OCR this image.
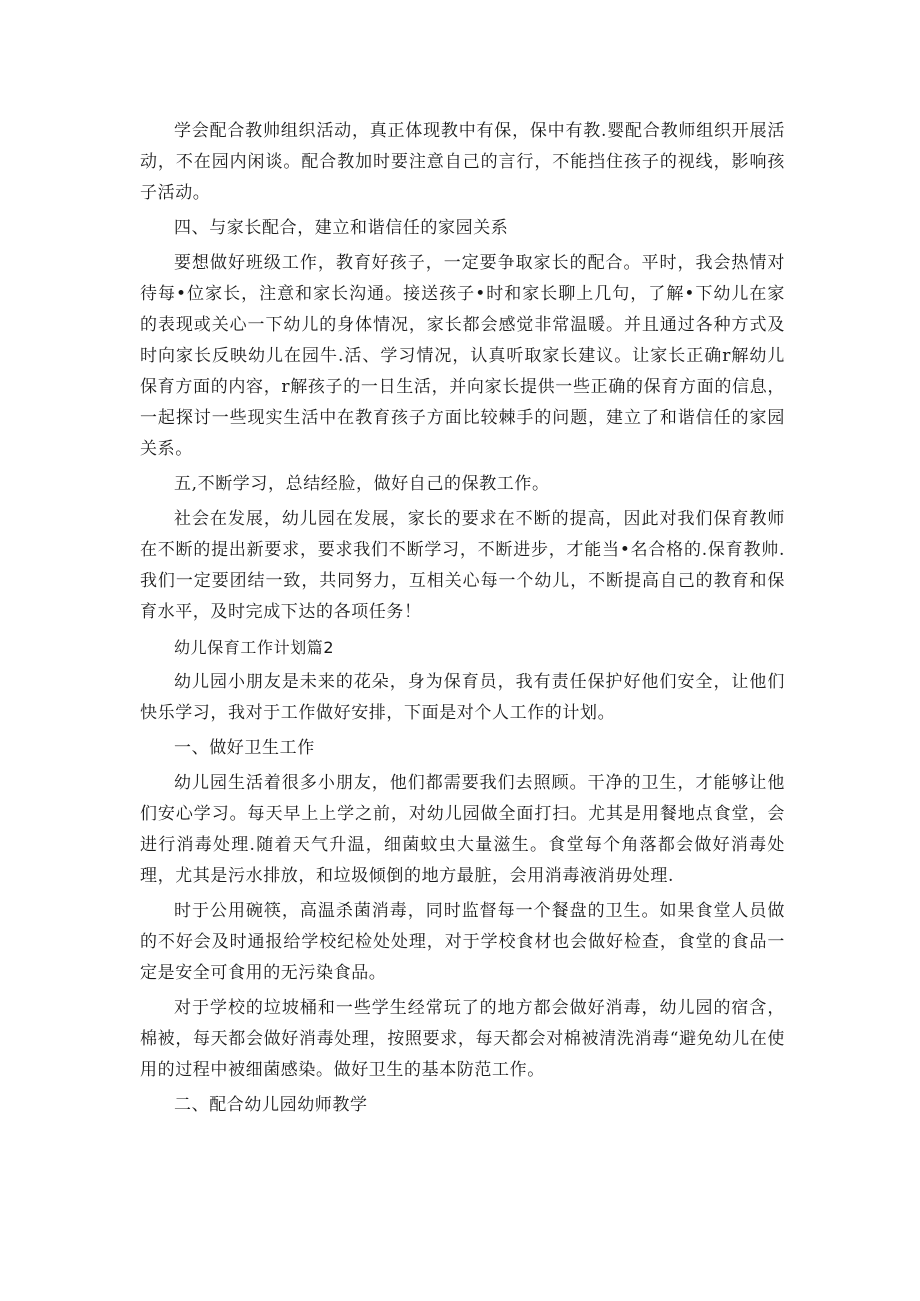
学会配合教帅组织活动，真正体现教中有保，保中有教.婴配合教师组织开展活动，不在园内闲谈。配合教加时要注意自己的言行，不能挡住孩子的视线，影响孩子活动。

四、与家长配合，建立和谐信任的家园关系

要想做好班级工作，教育好孩子，一定要争取家长的配合。平时，我会热情对待每•位家长，注意和家长沟通。接送孩子•时和家长聊上几句，了解•下幼儿在家的表现或关心一下幼儿的身体情况，家长都会感觉非常温暖。并且通过各种方式及时向家长反映幼儿在园牛.活、学习情况，认真听取家长建议。让家长正确r解幼儿保育方面的内容，r解孩子的一日生活，并向家长提供一些正确的保育方面的信息，一起探讨一些现实生活中在教育孩子方面比较棘手的问题，建立了和谐信任的家园关系。

五,不断学习，总结经脸，做好自己的保教工作。

社会在发展，幼儿园在发展，家长的要求在不断的提高，因此对我们保育教师在不断的提出新要求，要求我们不断学习，不断进步，才能当•名合格的.保育教帅.我们一定要团结一致，共同努力，互相关心每一个幼儿，不断提高自己的教育和保育水平，及时完成下达的各项任务！

幼儿保育工作计划篇2

幼儿园小朋友是未来的花朵，身为保育员，我有责任保护好他们安全，让他们快乐学习，我对于工作做好安排，下面是对个人工作的计划。

一、做好卫生工作

幼儿园生活着很多小朋友，他们都需要我们去照顾。干净的卫生，才能够让他们安心学习。每天早上上学之前，对幼儿园做全面打扫。尤其是用餐地点食堂，会进行消毒处理.随着天气升温，细菌蚊虫大量滋生。食堂每个角落都会做好消毒处理，尤其是污水排放，和垃圾倾倒的地方最脏，会用消毒液消毋处理.

时于公用碗筷，高温杀菌消毒，同时监督每一个餐盘的卫生。如果食堂人员做的不好会及时通报给学校纪检处处理，对于学校食材也会做好检查，食堂的食品一定是安全可食用的无污染食品。

对于学校的垃坡桶和一些学生经常玩了的地方都会做好消毒，幼儿园的宿含，棉被，每天都会做好消毒处理，按照要求，每天都会对棉被清洗消毒“避免幼儿在使用的过程中被细菌感染。做好卫生的基本防范工作。

二、配合幼儿园幼师教学
